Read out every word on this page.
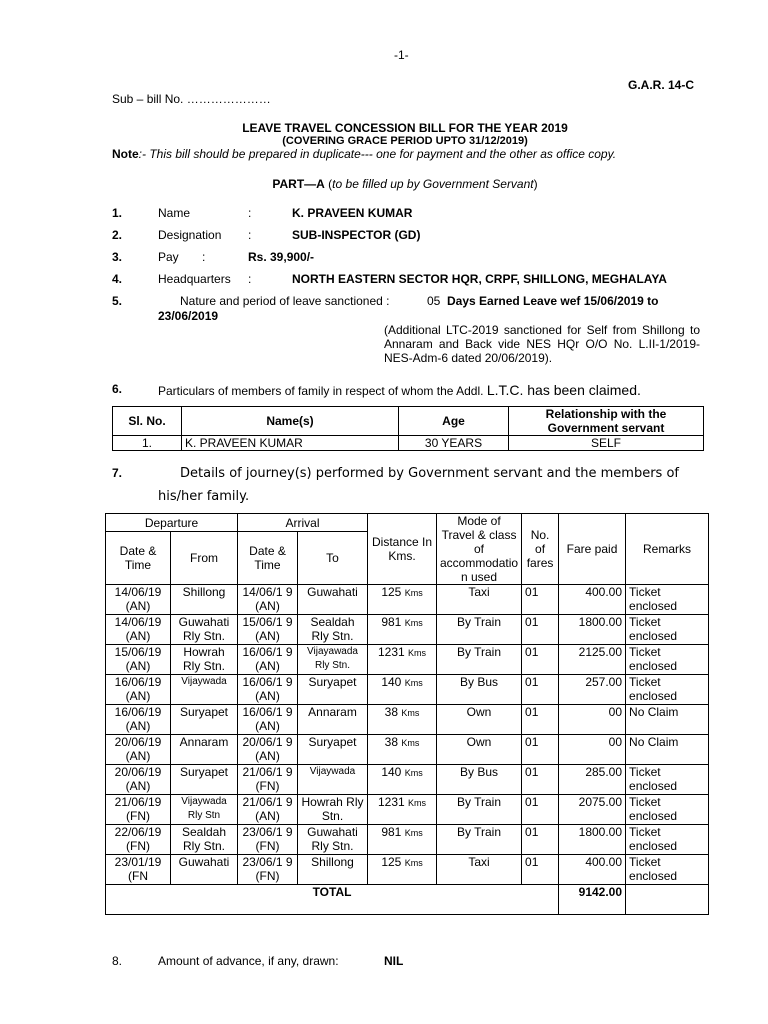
-1-
G.A.R. 14-C
Sub – bill No. …………………
LEAVE TRAVEL CONCESSION BILL FOR THE YEAR 2019
(COVERING GRACE PERIOD UPTO 31/12/2019)
Note:- This bill should be prepared in duplicate--- one for payment and the other as office copy.
PART—A (to be filled up by Government Servant)
1.	Name	:	K. PRAVEEN KUMAR
2.	Designation :	SUB-INSPECTOR (GD)
3.	Pay :	Rs. 39,900/-
4.	Headquarters :	NORTH EASTERN SECTOR HQR, CRPF, SHILLONG, MEGHALAYA
5.	Nature and period of leave sanctioned :	05 Days Earned Leave wef 15/06/2019 to
23/06/2019
(Additional LTC-2019 sanctioned for Self from Shillong to Annaram and Back vide NES HQr O/O No. L.II-1/2019-NES-Adm-6 dated 20/06/2019).
6.	Particulars of members of family in respect of whom the Addl. L.T.C. has been claimed.
Sl. No.	Name(s)	Age	Relationship with the Government servant
1.	K. PRAVEEN KUMAR	30 YEARS	SELF
7.	Details of journey(s) performed by Government servant and the members of
his/her family.
Departure		Arrival		Distance In Kms.	Mode of Travel & class of accommodatio n used	No. of fares	Fare paid	Remarks
Date & Time	From	Date & Time	To					
14/06/19 (AN)	Shillong	14/06/1 9 (AN)	Guwahati	125 Kms	Taxi	01	400.00	Ticket enclosed
14/06/19 (AN)	Guwahati Rly Stn.	15/06/1 9 (AN)	Sealdah Rly Stn.	981 Kms	By Train	01	1800.00	Ticket enclosed
15/06/19 (AN)	Howrah Rly Stn.	16/06/1 9 (AN)	Vijayawada Rly Stn.	1231 Kms	By Train	01	2125.00	Ticket enclosed
16/06/19 (AN)	Vijaywada	16/06/1 9 (AN)	Suryapet	140 Kms	By Bus	01	257.00	Ticket enclosed
16/06/19 (AN)	Suryapet	16/06/1 9 (AN)	Annaram	38 Kms	Own	01	00	No Claim
20/06/19 (AN)	Annaram	20/06/1 9 (AN)	Suryapet	38 Kms	Own	01	00	No Claim
20/06/19 (AN)	Suryapet	21/06/1 9 (FN)	Vijaywada	140 Kms	By Bus	01	285.00	Ticket enclosed
21/06/19 (FN)	Vijaywada Rly Stn	21/06/1 9 (AN)	Howrah Rly Stn.	1231 Kms	By Train	01	2075.00	Ticket enclosed
22/06/19 (FN)	Sealdah Rly Stn.	23/06/1 9 (FN)	Guwahati Rly Stn.	981 Kms	By Train	01	1800.00	Ticket enclosed
23/01/19 (FN	Guwahati	23/06/1 9 (FN)	Shillong	125 Kms	Taxi	01	400.00	Ticket enclosed
TOTAL							9142.00	
8.	Amount of advance, if any, drawn:	NIL
